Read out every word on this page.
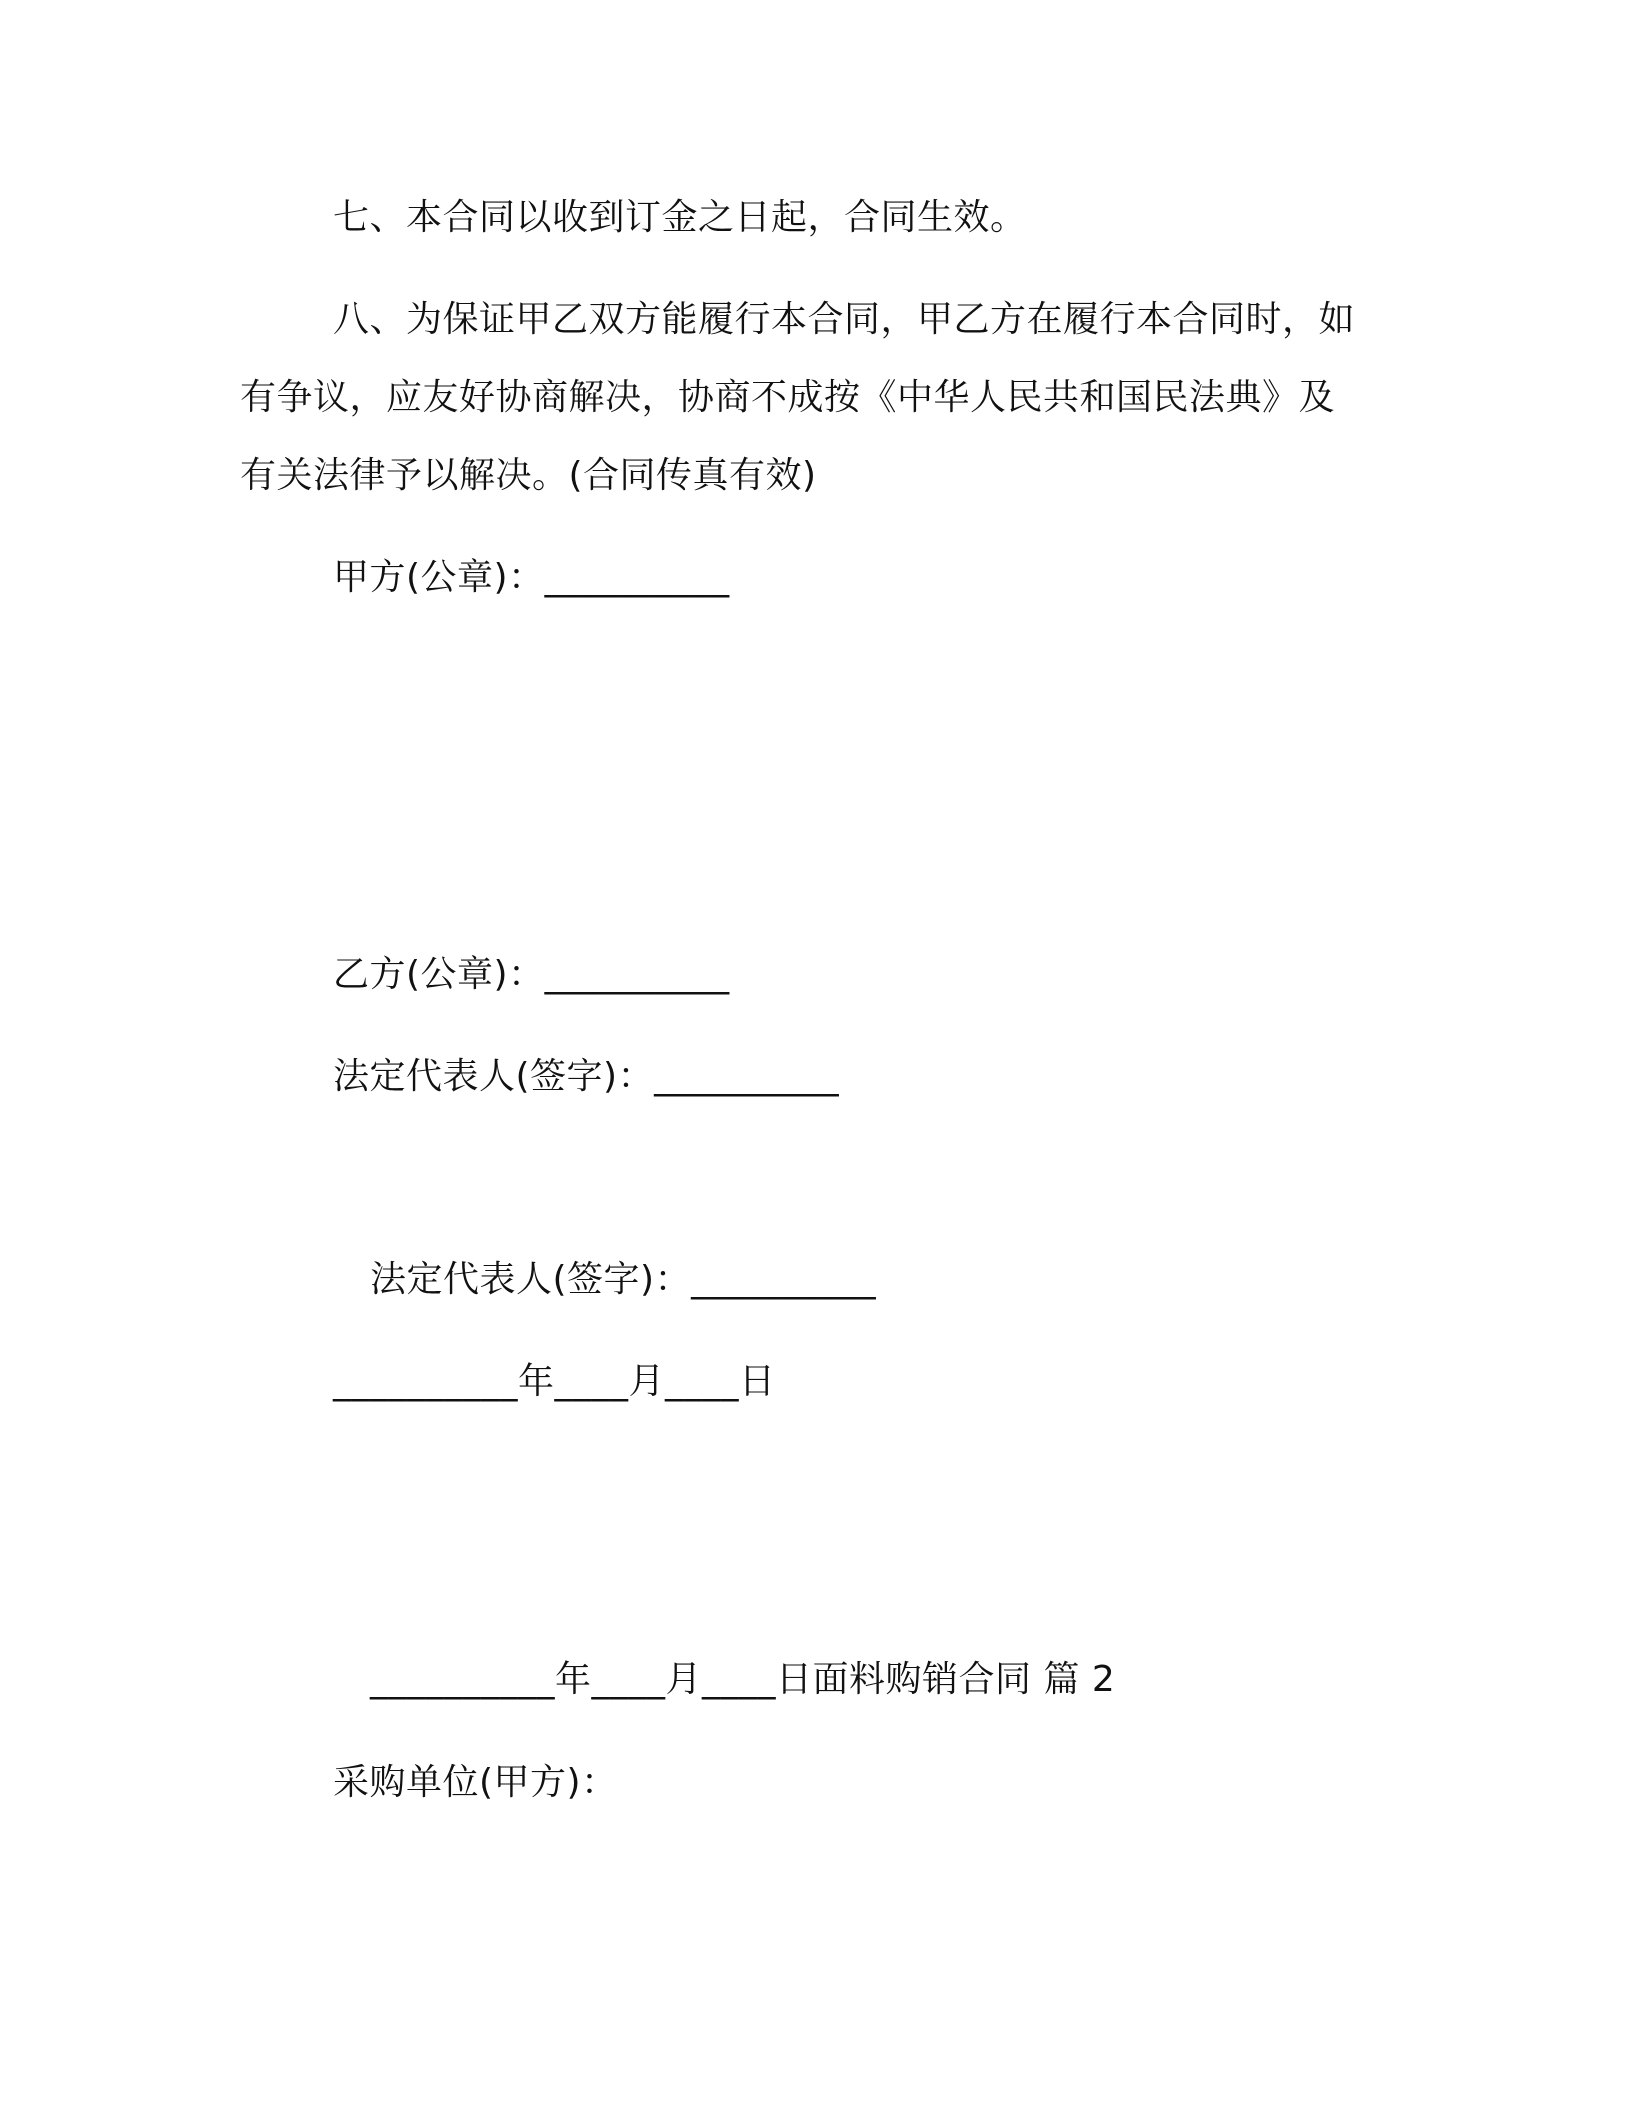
七、本合同以收到订金之日起，合同生效。
八、为保证甲乙双方能履行本合同，甲乙方在履行本合同时，如
有争议，应友好协商解决，协商不成按《中华人民共和国民法典》及
有关法律予以解决。(合同传真有效)
甲方(公章)：__________
乙方(公章)：__________
法定代表人(签字)：__________
法定代表人(签字)：__________
__________年____月____日
__________年____月____日面料购销合同 篇 2
采购单位(甲方)：
